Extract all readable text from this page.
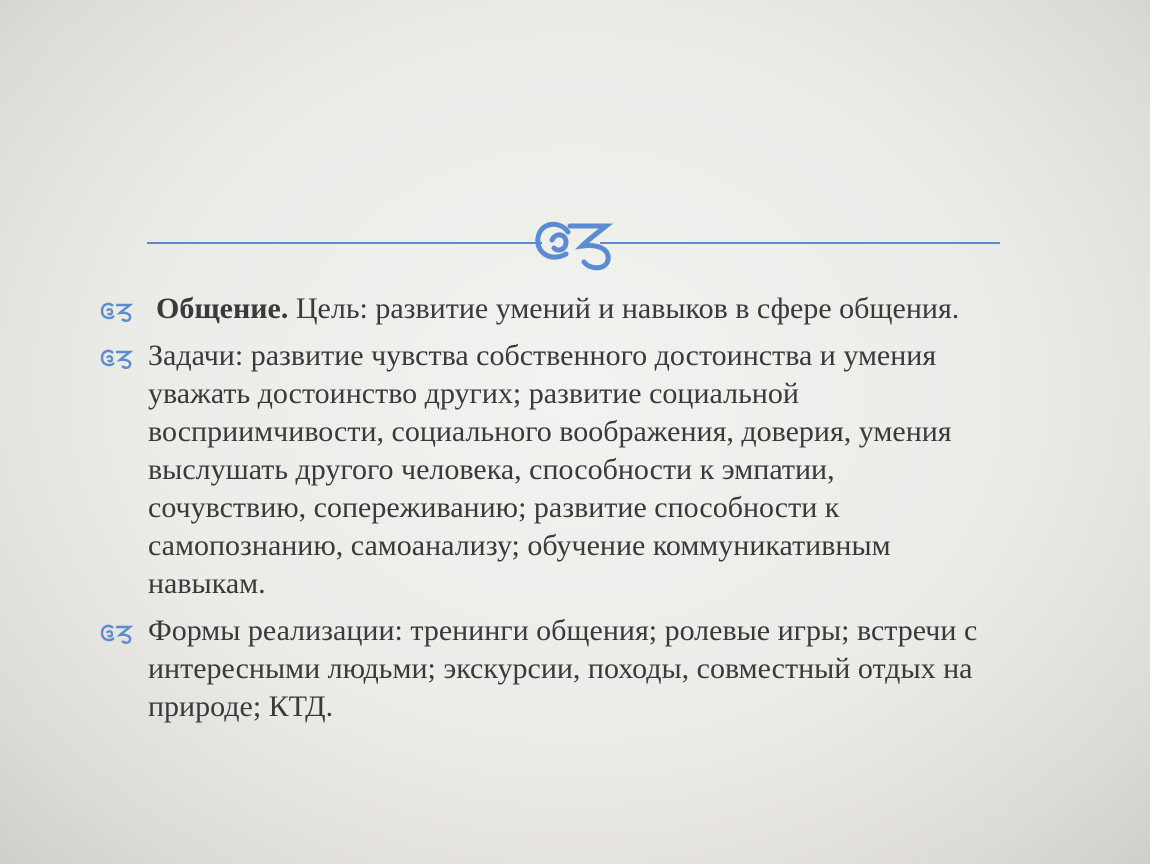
Общение. Цель: развитие умений и навыков в сфере общения.
Задачи: развитие чувства собственного достоинства и умения уважать достоинство других; развитие социальной восприимчивости, социального воображения, доверия, умения выслушать другого человека, способности к эмпатии, сочувствию, сопереживанию; развитие способности к самопознанию, самоанализу; обучение коммуникативным навыкам.
Формы реализации: тренинги общения; ролевые игры; встречи с интересными людьми; экскурсии, походы, совместный отдых на природе; КТД.
